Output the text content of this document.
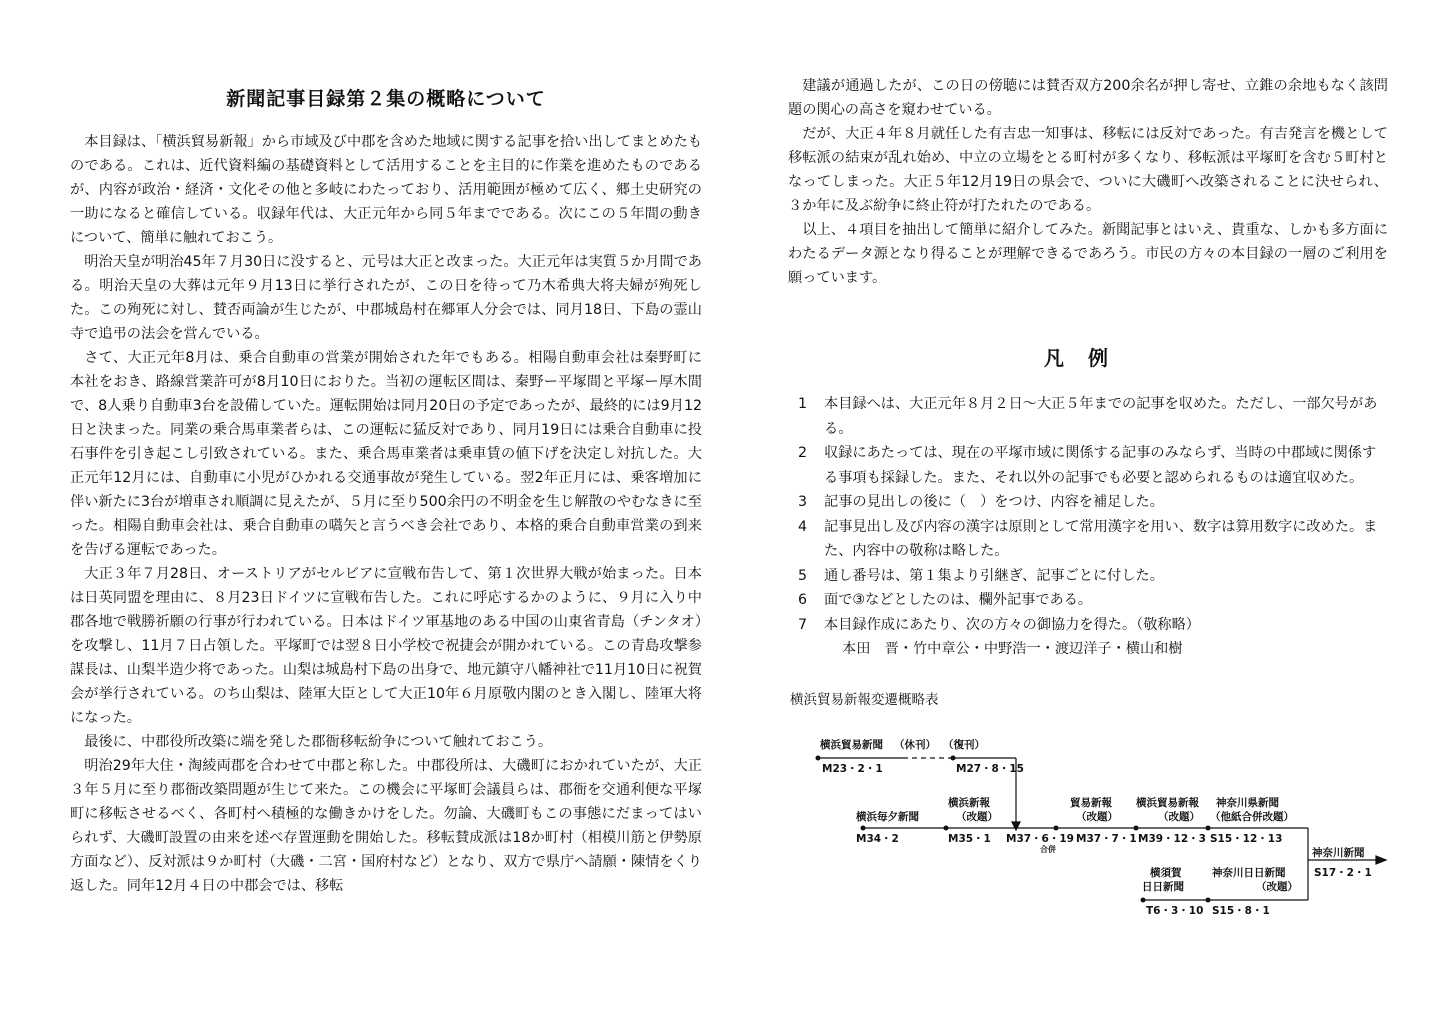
新聞記事目録第２集の概略について

本目録は、「横浜貿易新報」から市域及び中郡を含めた地域に関する記事を拾い出してまとめたものである。これは、近代資料編の基礎資料として活用することを主目的に作業を進めたものであるが、内容が政治・経済・文化その他と多岐にわたっており、活用範囲が極めて広く、郷土史研究の一助になると確信している。収録年代は、大正元年から同５年までである。次にこの５年間の動きについて、簡単に触れておこう。

明治天皇が明治45年７月30日に没すると、元号は大正と改まった。大正元年は実質５か月間である。明治天皇の大葬は元年９月13日に挙行されたが、この日を待って乃木希典大将夫婦が殉死した。この殉死に対し、賛否両論が生じたが、中郡城島村在郷軍人分会では、同月18日、下島の霊山寺で追弔の法会を営んでいる。

さて、大正元年8月は、乗合自動車の営業が開始された年でもある。相陽自動車会社は秦野町に本社をおき、路線営業許可が8月10日におりた。当初の運転区間は、秦野ー平塚間と平塚ー厚木間で、8人乗り自動車3台を設備していた。運転開始は同月20日の予定であったが、最終的には9月12日と決まった。同業の乗合馬車業者らは、この運転に猛反対であり、同月19日には乗合自動車に投石事件を引き起こし引致されている。また、乗合馬車業者は乗車賃の値下げを決定し対抗した。大正元年12月には、自動車に小児がひかれる交通事故が発生している。翌2年正月には、乗客増加に伴い新たに3台が増車され順調に見えたが、５月に至り500余円の不明金を生じ解散のやむなきに至った。相陽自動車会社は、乗合自動車の嚆矢と言うべき会社であり、本格的乗合自動車営業の到来を告げる運転であった。

大正３年７月28日、オーストリアがセルビアに宣戦布告して、第１次世界大戦が始まった。日本は日英同盟を理由に、８月23日ドイツに宣戦布告した。これに呼応するかのように、９月に入り中郡各地で戦勝祈願の行事が行われている。日本はドイツ軍基地のある中国の山東省青島（チンタオ）を攻撃し、11月７日占領した。平塚町では翌８日小学校で祝捷会が開かれている。この青島攻撃参謀長は、山梨半造少将であった。山梨は城島村下島の出身で、地元鎮守八幡神社で11月10日に祝賀会が挙行されている。のち山梨は、陸軍大臣として大正10年６月原敬内閣のとき入閣し、陸軍大将になった。

最後に、中郡役所改築に端を発した郡衙移転紛争について触れておこう。

明治29年大住・淘綾両郡を合わせて中郡と称した。中郡役所は、大磯町におかれていたが、大正３年５月に至り郡衙改築問題が生じて来た。この機会に平塚町会議員らは、郡衙を交通利便な平塚町に移転させるべく、各町村へ積極的な働きかけをした。勿論、大磯町もこの事態にだまってはいられず、大磯町設置の由来を述べ存置運動を開始した。移転賛成派は18か町村（相模川筋と伊勢原方面など）、反対派は９か町村（大磯・二宮・国府村など）となり、双方で県庁へ請願・陳情をくり返した。同年12月４日の中郡会では、移転

建議が通過したが、この日の傍聴には賛否双方200余名が押し寄せ、立錐の余地もなく該問題の関心の高さを窺わせている。

だが、大正４年８月就任した有吉忠一知事は、移転には反対であった。有吉発言を機として移転派の結束が乱れ始め、中立の立場をとる町村が多くなり、移転派は平塚町を含む５町村となってしまった。大正５年12月19日の県会で、ついに大磯町へ改築されることに決せられ、３か年に及ぶ紛争に終止符が打たれたのである。

以上、４項目を抽出して簡単に紹介してみた。新聞記事とはいえ、貴重な、しかも多方面にわたるデータ源となり得ることが理解できるであろう。市民の方々の本目録の一層のご利用を願っています。

凡例
1	本目録へは、大正元年８月２日～大正５年までの記事を収めた。ただし、一部欠号がある。
2	収録にあたっては、現在の平塚市域に関係する記事のみならず、当時の中郡域に関係する事項も採録した。また、それ以外の記事でも必要と認められるものは適宜収めた。
3	記事の見出しの後に（　）をつけ、内容を補足した。
4	記事見出し及び内容の漢字は原則として常用漢字を用い、数字は算用数字に改めた。また、内容中の敬称は略した。
5	通し番号は、第１集より引継ぎ、記事ごとに付した。
6	面で③などとしたのは、欄外記事である。
7	本目録作成にあたり、次の方々の御協力を得た。（敬称略）
本田　晋・竹中章公・中野浩一・渡辺洋子・横山和樹
横浜貿易新報変遷概略表
横浜貿易新聞 （休刊） （復刊）
M23・2・1	M27・8・15
横浜毎夕新聞
M34・2
横浜新報
（改題）
M35・1 M37・6・19
合併
貿易新報
（改題）
M37・7・1
横浜貿易新報
（改題）
M39・12・3
神奈川県新聞
（他紙合併改題）
S15・12・13
神奈川新聞
S17・2・1
横須賀
日日新聞
T6・3・10
神奈川日日新聞
（改題）
S15・8・1
